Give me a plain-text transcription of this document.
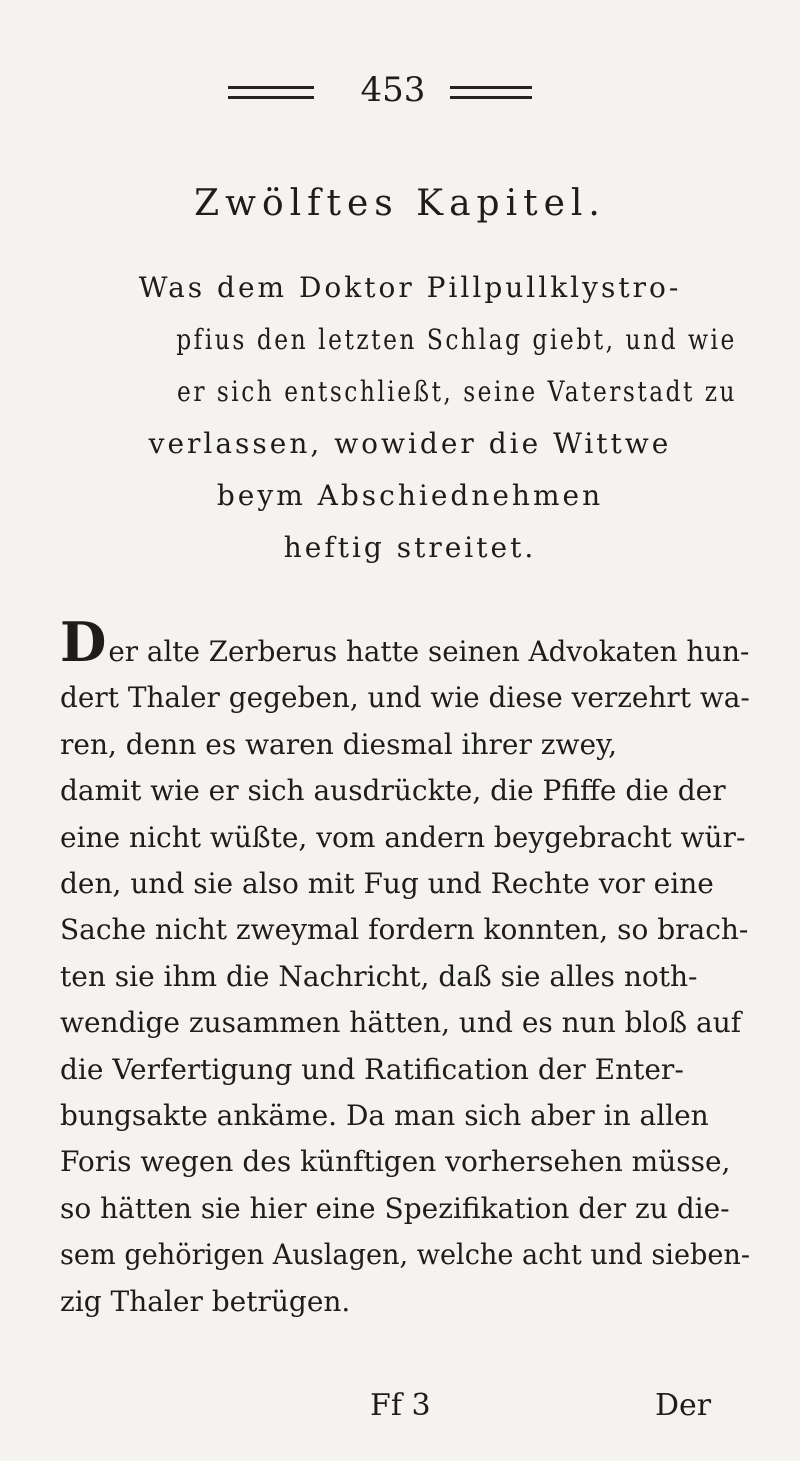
453
Zwölftes Kapitel.
Was dem Doktor Pillpullklystro-
pfius den letzten Schlag giebt, und wie
er sich entschließt, seine Vaterstadt zu
verlassen, wowider die Wittwe
beym Abschiednehmen
heftig streitet.
Der alte Zerberus hatte seinen Advokaten hun-
dert Thaler gegeben, und wie diese verzehrt wa-
ren, denn es waren diesmal ihrer zwey,
damit wie er sich ausdrückte, die Pfiffe die der
eine nicht wüßte, vom andern beygebracht wür-
den, und sie also mit Fug und Rechte vor eine
Sache nicht zweymal fordern konnten, so brach-
ten sie ihm die Nachricht, daß sie alles noth-
wendige zusammen hätten, und es nun bloß auf
die Verfertigung und Ratification der Enter-
bungsakte ankäme. Da man sich aber in allen
Foris wegen des künftigen vorhersehen müsse,
so hätten sie hier eine Spezifikation der zu die-
sem gehörigen Auslagen, welche acht und sieben-
zig Thaler betrügen.
Ff 3	Der
